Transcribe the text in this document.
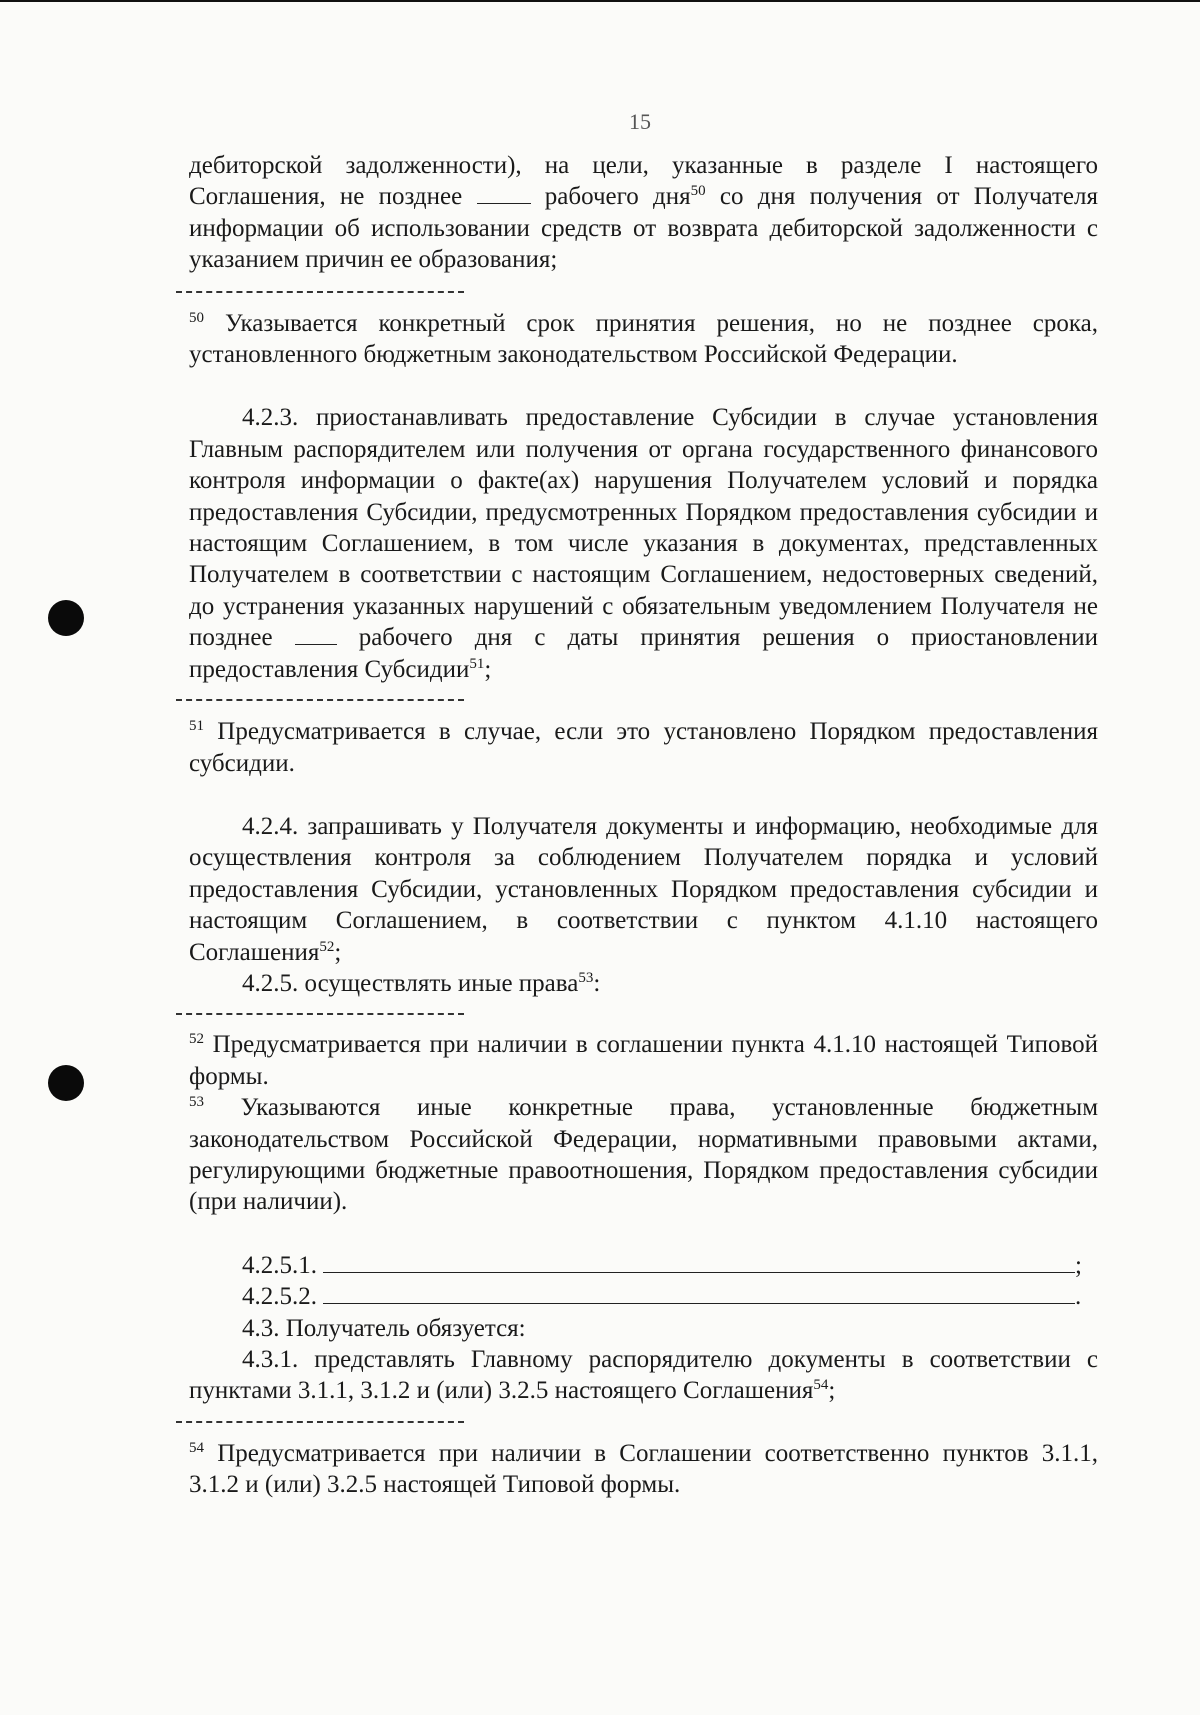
15

дебиторской задолженности), на цели, указанные в разделе I настоящего Соглашения, не позднее	рабочего дня$^{50}$ со дня получения от Получателя информации об использовании средств от возврата дебиторской задолженности с указанием причин ее образования;

$^{50}$ Указывается конкретный срок принятия решения, но не позднее срока, установленного бюджетным законодательством Российской Федерации.

4.2.3. приостанавливать предоставление Субсидии в случае установления Главным распорядителем или получения от органа государственного финансового контроля информации о факте(ах) нарушения Получателем условий и порядка предоставления Субсидии, предусмотренных Порядком предоставления субсидии и настоящим Соглашением, в том числе указания в документах, представленных Получателем в соответствии с настоящим Соглашением, недостоверных сведений, до устранения указанных нарушений с обязательным уведомлением Получателя не позднее	рабочего дня с даты принятия решения о приостановлении предоставления Субсидии$^{51}$;

$^{51}$ Предусматривается в случае, если это установлено Порядком предоставления субсидии.

4.2.4. запрашивать у Получателя документы и информацию, необходимые для осуществления контроля за соблюдением Получателем порядка и условий предоставления Субсидии, установленных Порядком предоставления субсидии и настоящим Соглашением, в соответствии с пунктом 4.1.10 настоящего Соглашения$^{52}$;

4.2.5. осуществлять иные права$^{53}$:

$^{52}$ Предусматривается при наличии в соглашении пункта 4.1.10 настоящей Типовой формы.

$^{53}$ Указываются иные конкретные права, установленные бюджетным законодательством Российской Федерации, нормативными правовыми актами, регулирующими бюджетные правоотношения, Порядком предоставления субсидии (при наличии).

4.2.5.1.	;

4.2.5.2.	.

4.3. Получатель обязуется:

4.3.1. представлять Главному распорядителю документы в соответствии с пунктами 3.1.1, 3.1.2 и (или) 3.2.5 настоящего Соглашения$^{54}$;

$^{54}$ Предусматривается при наличии в Соглашении соответственно пунктов 3.1.1, 3.1.2 и (или) 3.2.5 настоящей Типовой формы.
